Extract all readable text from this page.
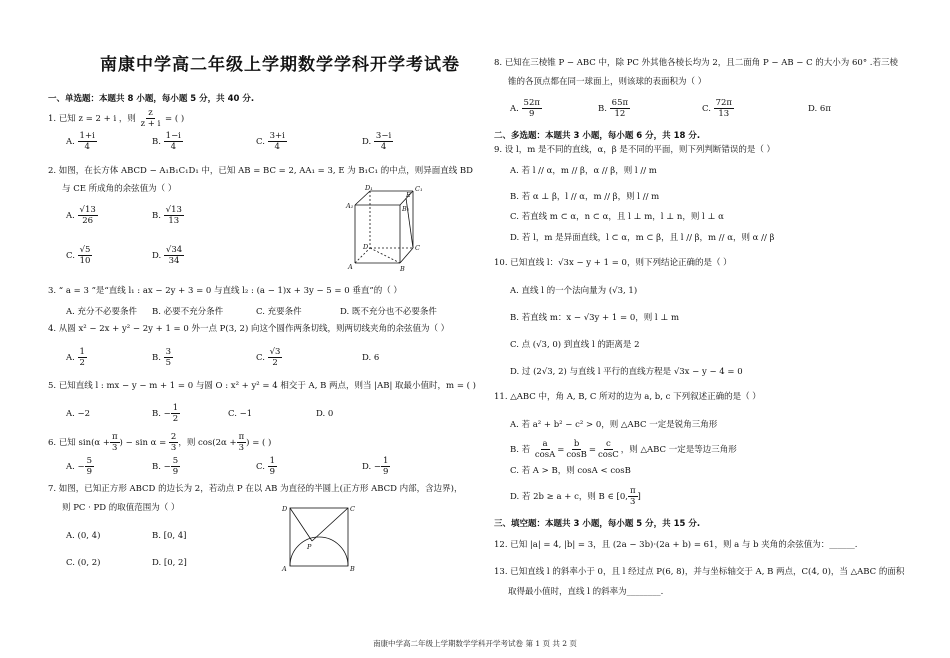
南康中学高二年级上学期数学学科开学考试卷
一、单选题：本题共 8 小题，每小题 5 分，共 40 分.
1. 已知 z = 2 + i ，则 $\frac{z}{z + i}$ = ( )
A. $\frac{1+i}{4}$	B. $\frac{1-i}{4}$	C. $\frac{3+i}{4}$	D. $\frac{3-i}{4}$
2. 如图，在长方体 ABCD − A₁B₁C₁D₁ 中，已知 AB = BC = 2, AA₁ = 3, E 为 B₁C₁ 的中点，则异面直线 BD
与 CE 所成角的余弦值为（ ）
A. $\frac{√13}{26}$	B. $\frac{√13}{13}$
C. $\frac{√5}{10}$	D. $\frac{√34}{34}$
D₁	C₁
A₁	B₁
E
D	C
A	B
3. “ a = 3 ”是“直线 l₁ : ax − 2y + 3 = 0 与直线 l₂ : (a − 1)x + 3y − 5 = 0 垂直”的（ ）
A. 充分不必要条件 B. 必要不充分条件	C. 充要条件	D. 既不充分也不必要条件
4. 从圆 x² − 2x + y² − 2y + 1 = 0 外一点 P(3, 2) 向这个圆作两条切线，则两切线夹角的余弦值为（ ）
A. $\frac{1}{2}$	B. $\frac{3}{5}$	C. $\frac{√3}{2}$	D. 6
5. 已知直线 l : mx − y − m + 1 = 0 与圆 O : x² + y² = 4 相交于 A, B 两点，则当 |AB| 取最小值时，m = ( )
A. −2	B. − $\frac{1}{2}$	C. −1	D. 0
6. 已知 $\sin(\alpha + \frac{\pi}{3}$ ) − $\sin \alpha = \frac{2}{3}$ ，则 $\cos(2\alpha + \frac{\pi}{3}$ ) = ( )
A. − $\frac{5}{9}$	B. − $\frac{5}{9}$	C. $\frac{1}{9}$	D. − $\frac{1}{9}$
7. 如图，已知正方形 ABCD 的边长为 2，若动点 P 在以 AB 为直径的半圆上(正方形 ABCD 内部，含边界)，
则 PC · PD 的取值范围为（ ）
A. (0, 4)	B. [0, 4]
C. (0, 2)	D. [0, 2]
D	C
P
A	B
8. 已知在三棱锥 P − ABC 中，除 PC 外其他各棱长均为 2，且二面角 P − AB − C 的大小为 60° .若三棱
锥的各顶点都在同一球面上，则该球的表面积为（ ）
A. $\frac{52\pi}{9}$	B. $\frac{65\pi}{12}$	C. $\frac{72\pi}{13}$	D. 6π
二、多选题：本题共 3 小题，每小题 6 分，共 18 分.
9. 设 l，m 是不同的直线，α，β 是不同的平面，则下列判断错误的是（ ）
A. 若 l // α，m // β，α // β，则 l // m
B. 若 α ⊥ β，l // α，m // β，则 l // m
C. 若直线 m ⊂ α，n ⊂ α，且 l ⊥ m，l ⊥ n，则 l ⊥ α
D. 若 l，m 是异面直线，l ⊂ α，m ⊂ β，且 l // β，m // α，则 α // β
10. 已知直线 l：√3x − y + 1 = 0，则下列结论正确的是（ ）
A. 直线 l 的一个法向量为 (√3, 1)
B. 若直线 m：x − √3y + 1 = 0，则 l ⊥ m
C. 点 (√3, 0) 到直线 l 的距离是 2
D. 过 (2√3, 2) 与直线 l 平行的直线方程是 √3x − y − 4 = 0
11. △ABC 中，角 A, B, C 所对的边为 a, b, c 下列叙述正确的是（ ）
A. 若 a² + b² − c² > 0，则 △ABC 一定是锐角三角形
B. 若 $\frac{a}{\cos A} = \frac{b}{\cos B} = \frac{c}{\cos C}$ ，则 △ABC 一定是等边三角形
C. 若 A > B，则 cosA < cosB
D. 若 2b ≥ a + c，则 B ∈ [0, $\frac{\pi}{3}$ ]
三、填空题：本题共 3 小题，每小题 5 分，共 15 分.
12. 已知 |a| = 4, |b| = 3，且 (2a − 3b)·(2a + b) = 61，则 a 与 b 夹角的余弦值为：______.
13. 已知直线 l 的斜率小于 0，且 l 经过点 P(6, 8)，并与坐标轴交于 A, B 两点，C(4, 0)，当 △ABC 的面积
取得最小值时，直线 l 的斜率为________.
南康中学高二年级上学期数学学科开学考试卷 第 1 页 共 2 页
